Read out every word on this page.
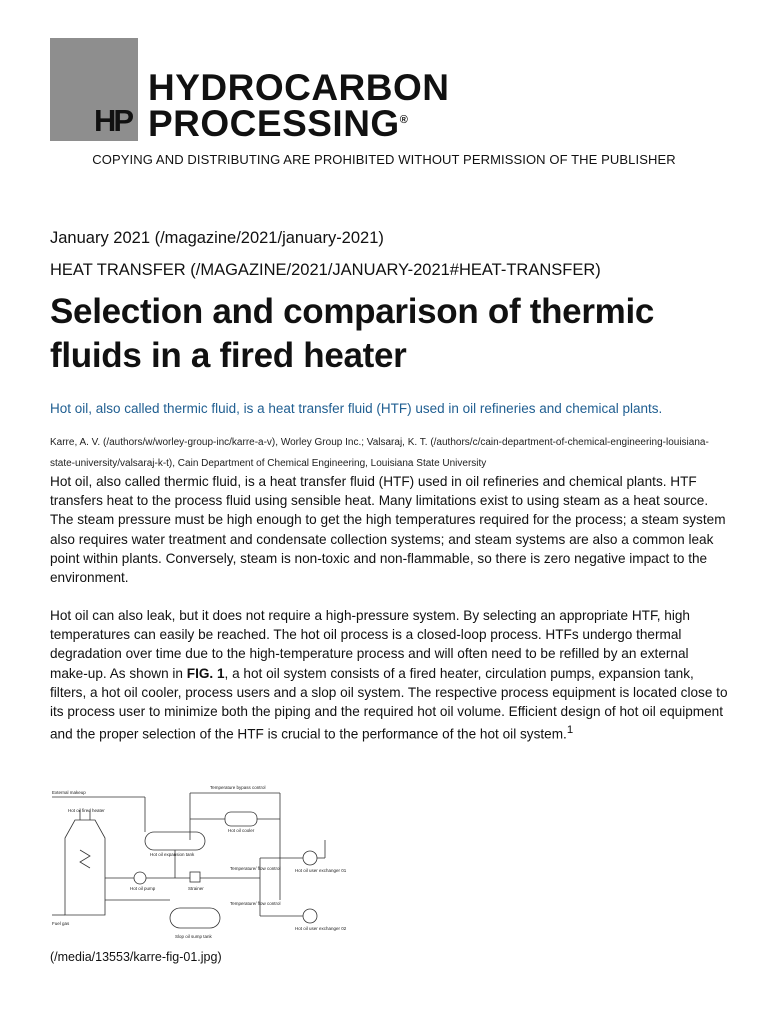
HP
HYDROCARBON
PROCESSING®
COPYING AND DISTRIBUTING ARE PROHIBITED WITHOUT PERMISSION OF THE PUBLISHER
January 2021 (/magazine/2021/january-2021)
HEAT TRANSFER (/MAGAZINE/2021/JANUARY-2021#HEAT-TRANSFER)
Selection and comparison of thermic fluids in a fired heater
Hot oil, also called thermic fluid, is a heat transfer fluid (HTF) used in oil refineries and chemical plants.
Karre, A. V. (/authors/w/worley-group-inc/karre-a-v), Worley Group Inc.; Valsaraj, K. T. (/authors/c/cain-department-of-chemical-engineering-louisiana-state-university/valsaraj-k-t), Cain Department of Chemical Engineering, Louisiana State University

Hot oil, also called thermic fluid, is a heat transfer fluid (HTF) used in oil refineries and chemical plants. HTF transfers heat to the process fluid using sensible heat. Many limitations exist to using steam as a heat source. The steam pressure must be high enough to get the high temperatures required for the process; a steam system also requires water treatment and condensate collection systems; and steam systems are also a common leak point within plants. Conversely, steam is non-toxic and non-flammable, so there is zero negative impact to the environment.

Hot oil can also leak, but it does not require a high-pressure system. By selecting an appropriate HTF, high temperatures can easily be reached. The hot oil process is a closed-loop process. HTFs undergo thermal degradation over time due to the high-temperature process and will often need to be refilled by an external make-up. As shown in FIG. 1, a hot oil system consists of a fired heater, circulation pumps, expansion tank, filters, a hot oil cooler, process users and a slop oil system. The respective process equipment is located close to its process user to minimize both the piping and the required hot oil volume. Efficient design of hot oil equipment and the proper selection of the HTF is crucial to the performance of the hot oil system.$^1$

External makeup
Temperature bypass control
Hot oil fired heater
Hot oil cooler
Hot oil expansion tank
Hot oil pump	Strainer
Temperature/ flow control
Temperature/ flow control
Hot oil user exchanger 01
Hot oil user exchanger 02
Fuel gas
Slop oil sump tank
(/media/13553/karre-fig-01.jpg)
